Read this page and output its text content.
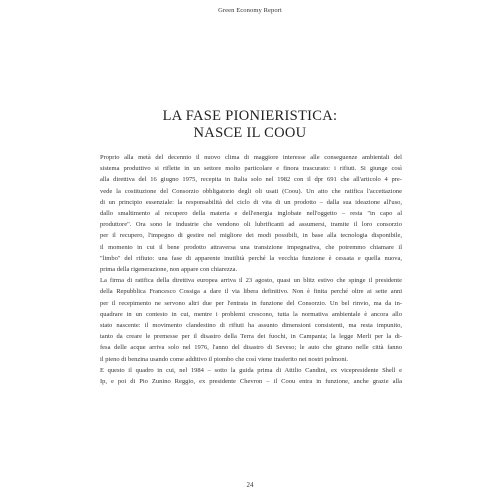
Green Economy Report
LA FASE PIONIERISTICA:
NASCE IL COOU
Proprio alla metà del decennio il nuovo clima di maggiore interesse alle conseguenze ambientali del
sistema produttivo si riflette in un settore molto particolare e finora trascurato: i rifiuti. Si giunge così
alla direttiva del 16 giugno 1975, recepita in Italia solo nel 1982 con il dpr 691 che all'articolo 4 pre-
vede la costituzione del Consorzio obbligatorio degli oli usati (Coou). Un atto che ratifica l'accettazione
di un principio essenziale: la responsabilità del ciclo di vita di un prodotto – dalla sua ideazione all'uso,
dallo smaltimento al recupero della materia e dell'energia inglobate nell'oggetto – resta "in capo al
produttore". Ora sono le industrie che vendono oli lubrificanti ad assumersi, tramite il loro consorzio
per il recupero, l'impegno di gestire nel migliore dei modi possibili, in base alla tecnologia disponibile,
il momento in cui il bene prodotto attraversa una transizione impegnativa, che potremmo chiamare il
"limbo" del rifiuto: una fase di apparente inutilità perché la vecchia funzione è cessata e quella nuova,
prima della rigenerazione, non appare con chiarezza.
La firma di ratifica della direttiva europea arriva il 23 agosto, quasi un blitz estivo che spinge il presidente
della Repubblica Francesco Cossiga a dare il via libera definitivo. Non è finita perché oltre ai sette anni
per il recepimento ne servono altri due per l'entrata in funzione del Consorzio. Un bel rinvio, ma da in-
quadrare in un contesto in cui, mentre i problemi crescono, tutta la normativa ambientale è ancora allo
stato nascente: il movimento clandestino di rifiuti ha assunto dimensioni consistenti, ma resta impunito,
tanto da creare le premesse per il disastro della Terra dei fuochi, in Campania; la legge Merli per la di-
fesa delle acque arriva solo nel 1976, l'anno del disastro di Seveso; le auto che girano nelle città fanno
il pieno di benzina usando come additivo il piombo che così viene trasferito nei nostri polmoni.
E questo il quadro in cui, nel 1984 – sotto la guida prima di Attilio Candini, ex vicepresidente Shell e
Ip, e poi di Pio Zunino Reggio, ex presidente Chevron – il Coou entra in funzione, anche grazie alla
24
